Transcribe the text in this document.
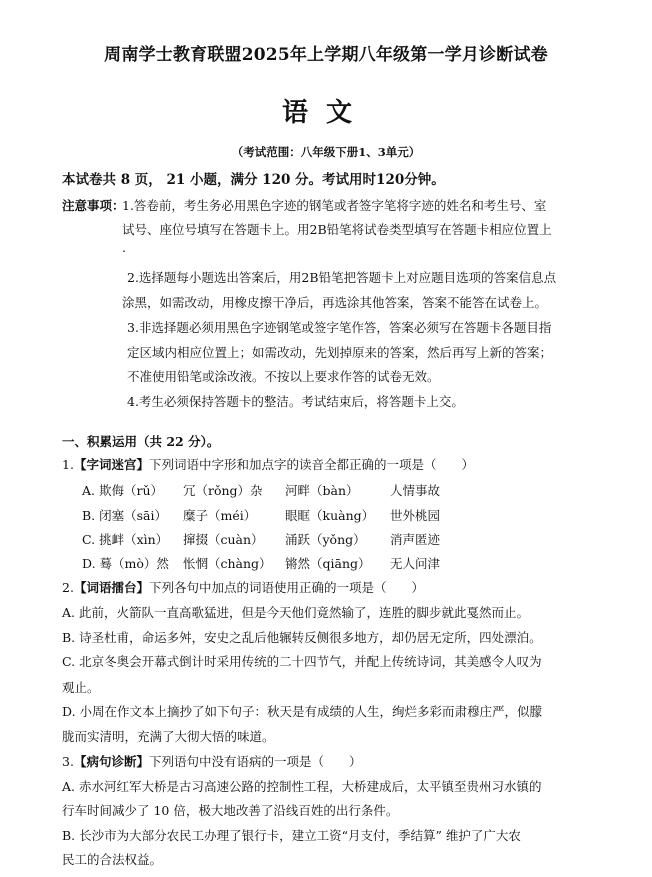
周南学士教育联盟2025年上学期八年级第一学月诊断试卷
语文
（考试范围：八年级下册1、3单元）
本试卷共 8 页， 21 小题，满分 120 分。考试用时120分钟。
注意事项：
1.答卷前，考生务必用黑色字迹的钢笔或者签字笔将字迹的姓名和考生号、室
试号、座位号填写在答题卡上。用2B铅笔将试卷类型填写在答题卡相应位置上
.
2.选择题每小题选出答案后，用2B铅笔把答题卡上对应题目选项的答案信息点
涂黑，如需改动，用橡皮擦干净后，再选涂其他答案，答案不能答在试卷上。
3.非选择题必须用黑色字迹钢笔或签字笔作答，答案必须写在答题卡各题目指
定区域内相应位置上；如需改动，先划掉原来的答案，然后再写上新的答案；
不准使用铅笔或涂改液。不按以上要求作答的试卷无效。
4.考生必须保持答题卡的整洁。考试结束后，将答题卡上交。
一、积累运用（共 22 分）。
1.【字词迷宫】下列词语中字形和加点字的读音全都正确的一项是（　　）
A. 欺侮（rǔ） 冗（rǒng）杂 河畔（bàn）	人情事故
B. 闭塞（sāi） 糜子（méi） 眼眶（kuàng） 世外桃园
C. 挑衅（xìn） 撺掇（cuàn） 涌跃（yǒng） 消声匿迹
D. 蓦（mò）然 怅惘（chàng） 锵然（qiāng） 无人问津
2.【词语擂台】下列各句中加点的词语使用正确的一项是（　　）
A. 此前，火箭队一直高歌猛进，但是今天他们竟然输了，连胜的脚步就此戛然而止。
B. 诗圣杜甫，命运多舛，安史之乱后他辗转反侧很多地方，却仍居无定所，四处漂泊。
C. 北京冬奥会开幕式倒计时采用传统的二十四节气，并配上传统诗词，其美感令人叹为
观止。
D. 小周在作文本上摘抄了如下句子：秋天是有成绩的人生，绚烂多彩而肃穆庄严，似朦
胧而实清明，充满了大彻大悟的味道。
3.【病句诊断】下列语句中没有语病的一项是（　　）
A. 赤水河红军大桥是古习高速公路的控制性工程，大桥建成后，太平镇至贵州习水镇的
行车时间减少了 10 倍，极大地改善了沿线百姓的出行条件。
B. 长沙市为大部分农民工办理了银行卡，建立工资“月支付，季结算” 维护了广大农
民工的合法权益。
